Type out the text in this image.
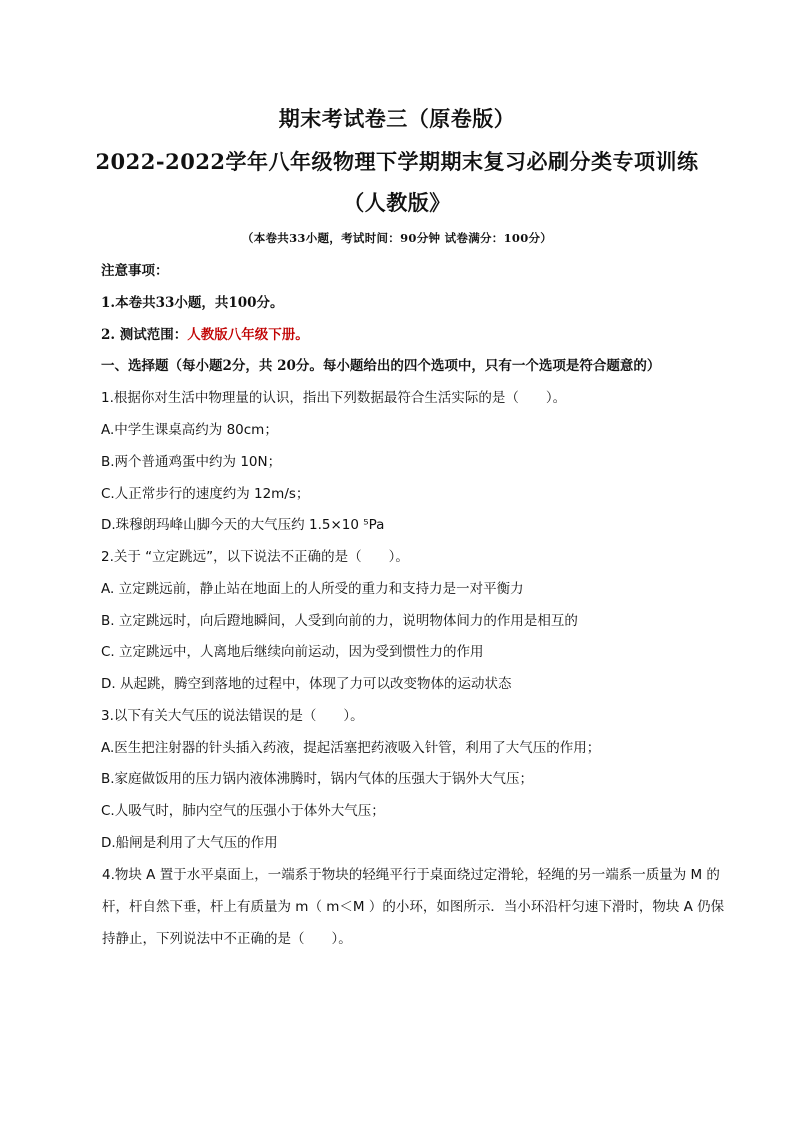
期末考试卷三（原卷版）
2022-2022学年八年级物理下学期期末复习必刷分类专项训练
（人教版》
（本卷共33小题，考试时间：90分钟 试卷满分：100分）
注意事项：
1.本卷共33小题，共100分。
2. 测试范围：人教版八年级下册。
一、选择题（每小题2分，共 20分。每小题给出的四个选项中，只有一个选项是符合题意的）
1.根据你对生活中物理量的认识，指出下列数据最符合生活实际的是（　　）。
A.中学生课桌高约为 80cm；
B.两个普通鸡蛋中约为 10N；
C.人正常步行的速度约为 12m/s；
D.珠穆朗玛峰山脚今天的大气压约 1.5×10 ⁵Pa
2.关于 “立定跳远”，以下说法不正确的是（　　）。
A. 立定跳远前，静止站在地面上的人所受的重力和支持力是一对平衡力
B. 立定跳远时，向后蹬地瞬间，人受到向前的力，说明物体间力的作用是相互的
C. 立定跳远中，人离地后继续向前运动，因为受到惯性力的作用
D. 从起跳，腾空到落地的过程中，体现了力可以改变物体的运动状态
3.以下有关大气压的说法错误的是（　　）。
A.医生把注射器的针头插入药液，提起活塞把药液吸入针管，利用了大气压的作用；
B.家庭做饭用的压力锅内液体沸腾时，锅内气体的压强大于锅外大气压；
C.人吸气时，肺内空气的压强小于体外大气压；
D.船闸是利用了大气压的作用
4.物块 A 置于水平桌面上，一端系于物块的轻绳平行于桌面绕过定滑轮，轻绳的另一端系一质量为 M 的杆，杆自然下垂，杆上有质量为 m（ m＜M ）的小环，如图所示．当小环沿杆匀速下滑时，物块 A 仍保持静止，下列说法中不正确的是（　　）。
